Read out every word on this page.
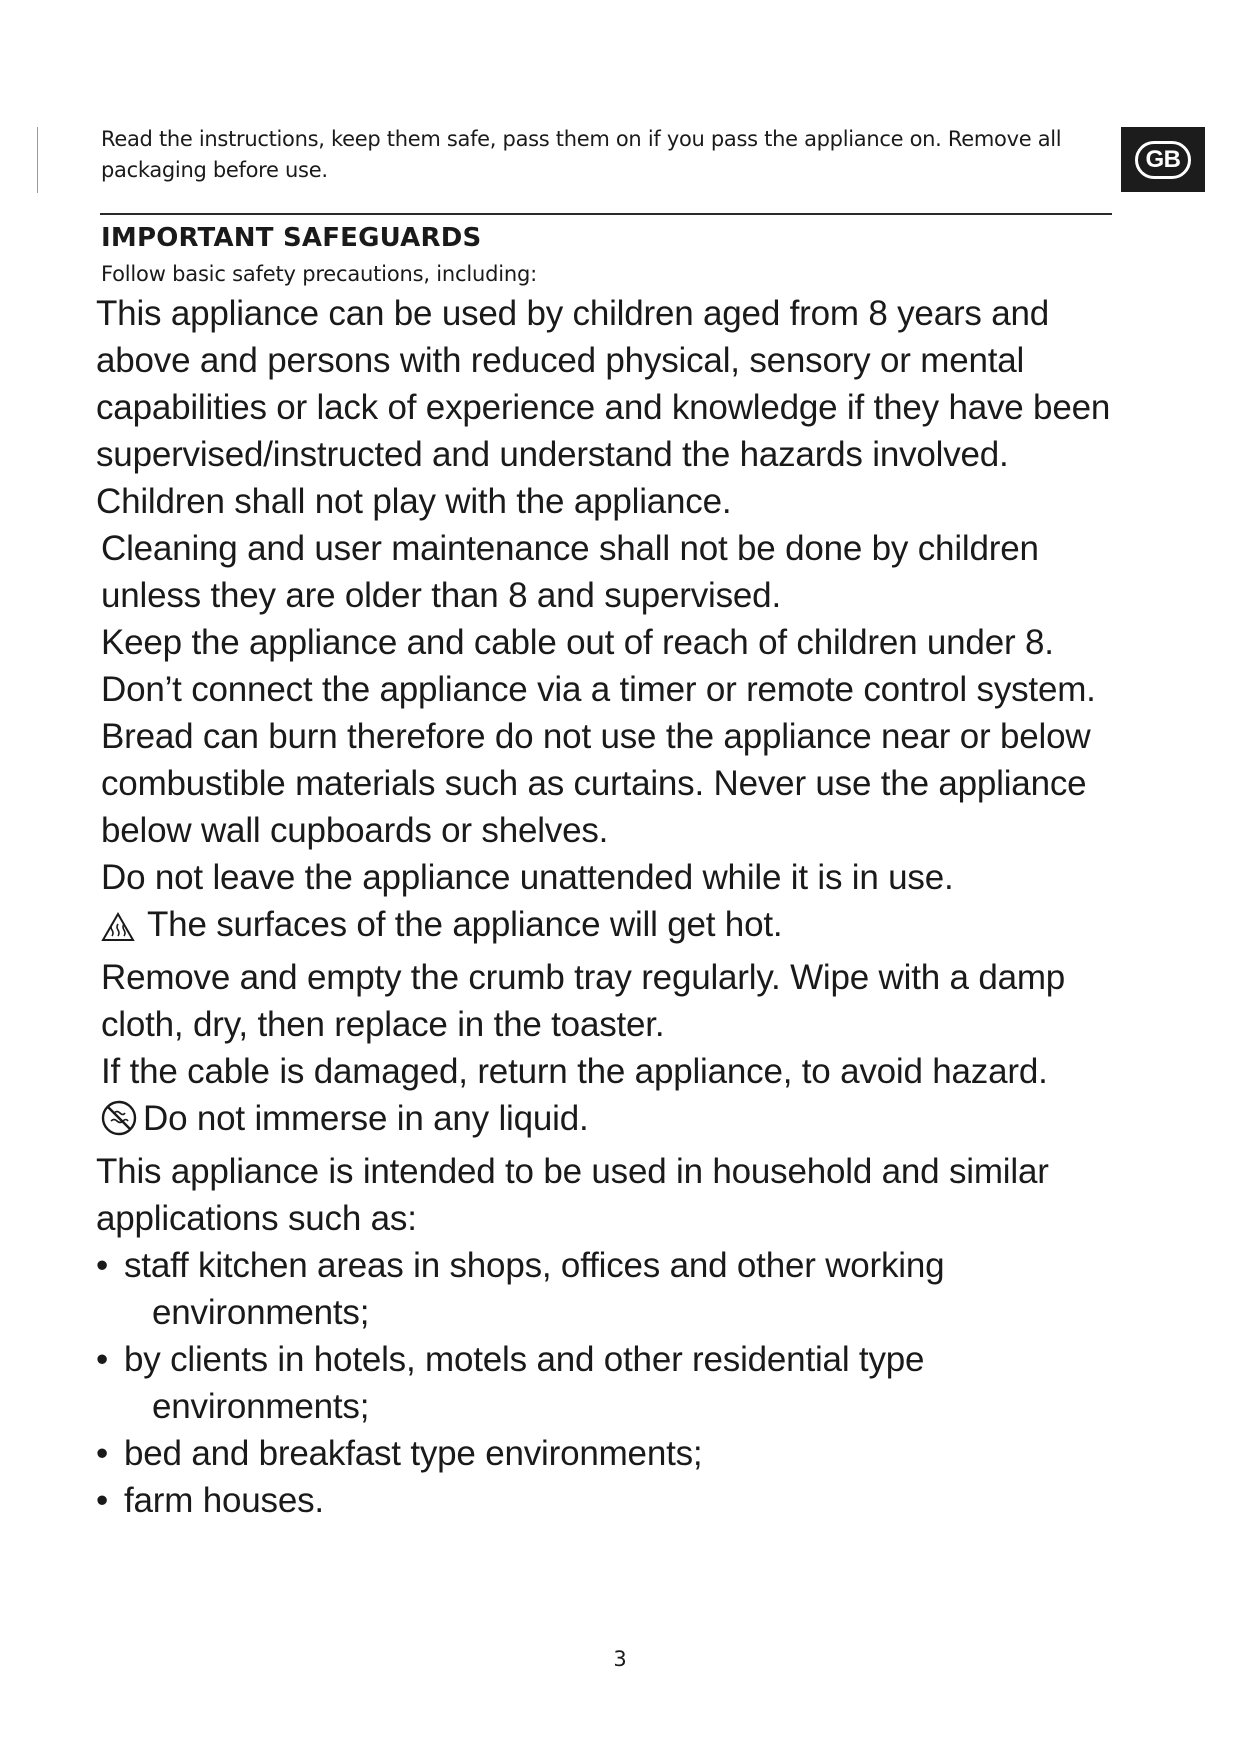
Read the instructions, keep them safe, pass them on if you pass the appliance on. Remove all packaging before use.	GB
IMPORTANT SAFEGUARDS

Follow basic safety precautions, including:

This appliance can be used by children aged from 8 years and above and persons with reduced physical, sensory or mental capabilities or lack of experience and knowledge if they have been supervised/instructed and understand the hazards involved. Children shall not play with the appliance.

Cleaning and user maintenance shall not be done by children unless they are older than 8 and supervised.

Keep the appliance and cable out of reach of children under 8.

Don’t connect the appliance via a timer or remote control system.

Bread can burn therefore do not use the appliance near or below combustible materials such as curtains. Never use the appliance below wall cupboards or shelves.

Do not leave the appliance unattended while it is in use.

The surfaces of the appliance will get hot.

Remove and empty the crumb tray regularly. Wipe with a damp cloth, dry, then replace in the toaster.

If the cable is damaged, return the appliance, to avoid hazard.

Do not immerse in any liquid.

This appliance is intended to be used in household and similar applications such as:

• staff kitchen areas in shops, offices and other working
environments;
• by clients in hotels, motels and other residential type
environments;
• bed and breakfast type environments;
• farm houses.

3
